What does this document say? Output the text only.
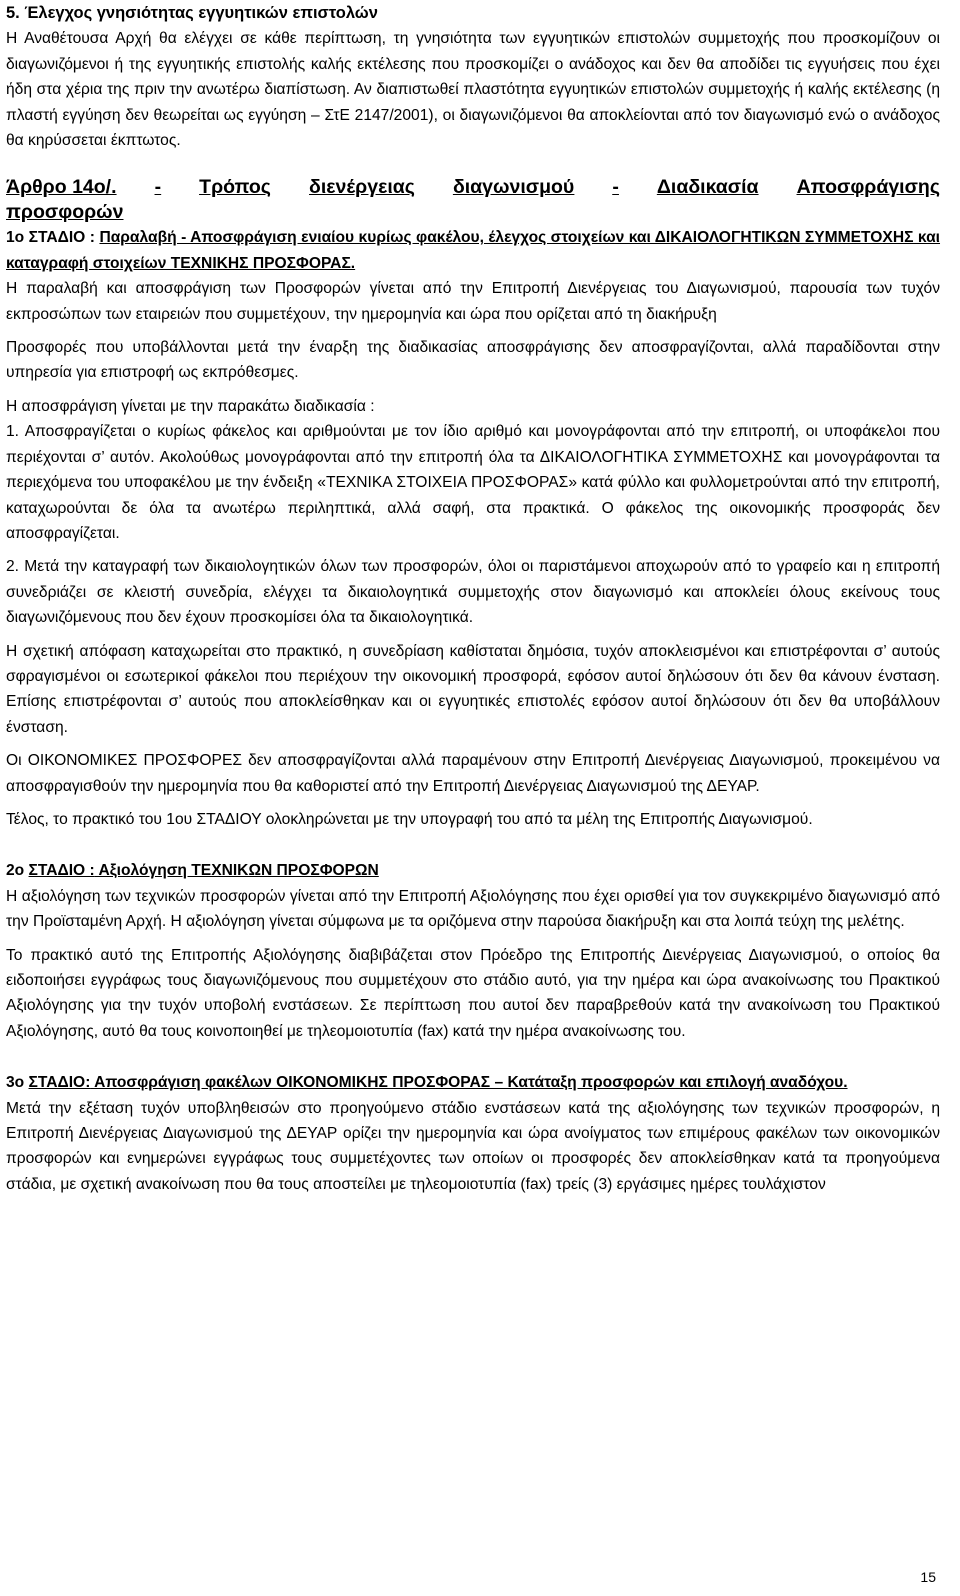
5. Έλεγχος γνησιότητας εγγυητικών επιστολών

Η Αναθέτουσα Αρχή θα ελέγχει σε κάθε περίπτωση, τη γνησιότητα των εγγυητικών επιστολών συμμετοχής που προσκομίζουν οι διαγωνιζόμενοι ή της εγγυητικής επιστολής καλής εκτέλεσης που προσκομίζει ο ανάδοχος και δεν θα αποδίδει τις εγγυήσεις που έχει ήδη στα χέρια της πριν την ανωτέρω διαπίστωση. Αν διαπιστωθεί πλαστότητα εγγυητικών επιστολών συμμετοχής ή καλής εκτέλεσης (η πλαστή εγγύηση δεν θεωρείται ως εγγύηση – ΣτΕ 2147/2001), οι διαγωνιζόμενοι θα αποκλείονται από τον διαγωνισμό ενώ ο ανάδοχος θα κηρύσσεται έκπτωτος.

Άρθρο 14ο/. - Τρόπος διενέργειας διαγωνισμού - Διαδικασία Αποσφράγισης
προσφορών

1ο ΣΤΑΔΙΟ : Παραλαβή - Αποσφράγιση ενιαίου κυρίως φακέλου, έλεγχος στοιχείων και ΔΙΚΑΙΟΛΟΓΗΤΙΚΩΝ ΣΥΜΜΕΤΟΧΗΣ και καταγραφή στοιχείων ΤΕΧΝΙΚΗΣ ΠΡΟΣΦΟΡΑΣ.

Η παραλαβή και αποσφράγιση των Προσφορών γίνεται από την Επιτροπή Διενέργειας του Διαγωνισμού, παρουσία των τυχόν εκπροσώπων των εταιρειών που συμμετέχουν, την ημερομηνία και ώρα που ορίζεται από τη διακήρυξη

Προσφορές που υποβάλλονται μετά την έναρξη της διαδικασίας αποσφράγισης δεν αποσφραγίζονται, αλλά παραδίδονται στην υπηρεσία για επιστροφή ως εκπρόθεσμες.

Η αποσφράγιση γίνεται με την παρακάτω διαδικασία :

1. Αποσφραγίζεται ο κυρίως φάκελος και αριθμούνται με τον ίδιο αριθμό και μονογράφονται από την επιτροπή, οι υποφάκελοι που περιέχονται σ’ αυτόν. Ακολούθως μονογράφονται από την επιτροπή όλα τα ΔΙΚΑΙΟΛΟΓΗΤΙΚΑ ΣΥΜΜΕΤΟΧΗΣ και μονογράφονται τα περιεχόμενα του υποφακέλου με την ένδειξη «ΤΕΧΝΙΚΑ ΣΤΟΙΧΕΙΑ ΠΡΟΣΦΟΡΑΣ» κατά φύλλο και φυλλομετρούνται από την επιτροπή, καταχωρούνται δε όλα τα ανωτέρω περιληπτικά, αλλά σαφή, στα πρακτικά. Ο φάκελος της οικονομικής προσφοράς δεν αποσφραγίζεται.

2. Μετά την καταγραφή των δικαιολογητικών όλων των προσφορών, όλοι οι παριστάμενοι αποχωρούν από το γραφείο και η επιτροπή συνεδριάζει σε κλειστή συνεδρία, ελέγχει τα δικαιολογητικά συμμετοχής στον διαγωνισμό και αποκλείει όλους εκείνους τους διαγωνιζόμενους που δεν έχουν προσκομίσει όλα τα δικαιολογητικά.

Η σχετική απόφαση καταχωρείται στο πρακτικό, η συνεδρίαση καθίσταται δημόσια, τυχόν αποκλεισμένοι και επιστρέφονται σ’ αυτούς σφραγισμένοι οι εσωτερικοί φάκελοι που περιέχουν την οικονομική προσφορά, εφόσον αυτοί δηλώσουν ότι δεν θα κάνουν ένσταση. Επίσης επιστρέφονται σ’ αυτούς που αποκλείσθηκαν και οι εγγυητικές επιστολές εφόσον αυτοί δηλώσουν ότι δεν θα υποβάλλουν ένσταση.

Οι ΟΙΚΟΝΟΜΙΚΕΣ ΠΡΟΣΦΟΡΕΣ δεν αποσφραγίζονται αλλά παραμένουν στην Επιτροπή Διενέργειας Διαγωνισμού, προκειμένου να αποσφραγισθούν την ημερομηνία που θα καθοριστεί από την Επιτροπή Διενέργειας Διαγωνισμού της ΔΕΥΑΡ.

Τέλος, το πρακτικό του 1ου ΣΤΑΔΙΟΥ ολοκληρώνεται με την υπογραφή του από τα μέλη της Επιτροπής Διαγωνισμού.

2ο ΣΤΑΔΙΟ : Αξιολόγηση ΤΕΧΝΙΚΩΝ ΠΡΟΣΦΟΡΩΝ

Η αξιολόγηση των τεχνικών προσφορών γίνεται από την Επιτροπή Αξιολόγησης που έχει ορισθεί για τον συγκεκριμένο διαγωνισμό από την Προϊσταμένη Αρχή. Η αξιολόγηση γίνεται σύμφωνα με τα οριζόμενα στην παρούσα διακήρυξη και στα λοιπά τεύχη της μελέτης.

Το πρακτικό αυτό της Επιτροπής Αξιολόγησης διαβιβάζεται στον Πρόεδρο της Επιτροπής Διενέργειας Διαγωνισμού, ο οποίος θα ειδοποιήσει εγγράφως τους διαγωνιζόμενους που συμμετέχουν στο στάδιο αυτό, για την ημέρα και ώρα ανακοίνωσης του Πρακτικού Αξιολόγησης για την τυχόν υποβολή ενστάσεων. Σε περίπτωση που αυτοί δεν παραβρεθούν κατά την ανακοίνωση του Πρακτικού Αξιολόγησης, αυτό θα τους κοινοποιηθεί με τηλεομοιοτυπία (fax) κατά την ημέρα ανακοίνωσης του.

3ο ΣΤΑΔΙΟ: Αποσφράγιση φακέλων ΟΙΚΟΝΟΜΙΚΗΣ ΠΡΟΣΦΟΡΑΣ – Κατάταξη προσφορών και επιλογή αναδόχου.

Μετά την εξέταση τυχόν υποβληθεισών στο προηγούμενο στάδιο ενστάσεων κατά της αξιολόγησης των τεχνικών προσφορών, η Επιτροπή Διενέργειας Διαγωνισμού της ΔΕΥΑΡ ορίζει την ημερομηνία και ώρα ανοίγματος των επιμέρους φακέλων των οικονομικών προσφορών και ενημερώνει εγγράφως τους συμμετέχοντες των οποίων οι προσφορές δεν αποκλείσθηκαν κατά τα προηγούμενα στάδια, με σχετική ανακοίνωση που θα τους αποστείλει με τηλεομοιοτυπία (fax) τρείς (3) εργάσιμες ημέρες τουλάχιστον

15
